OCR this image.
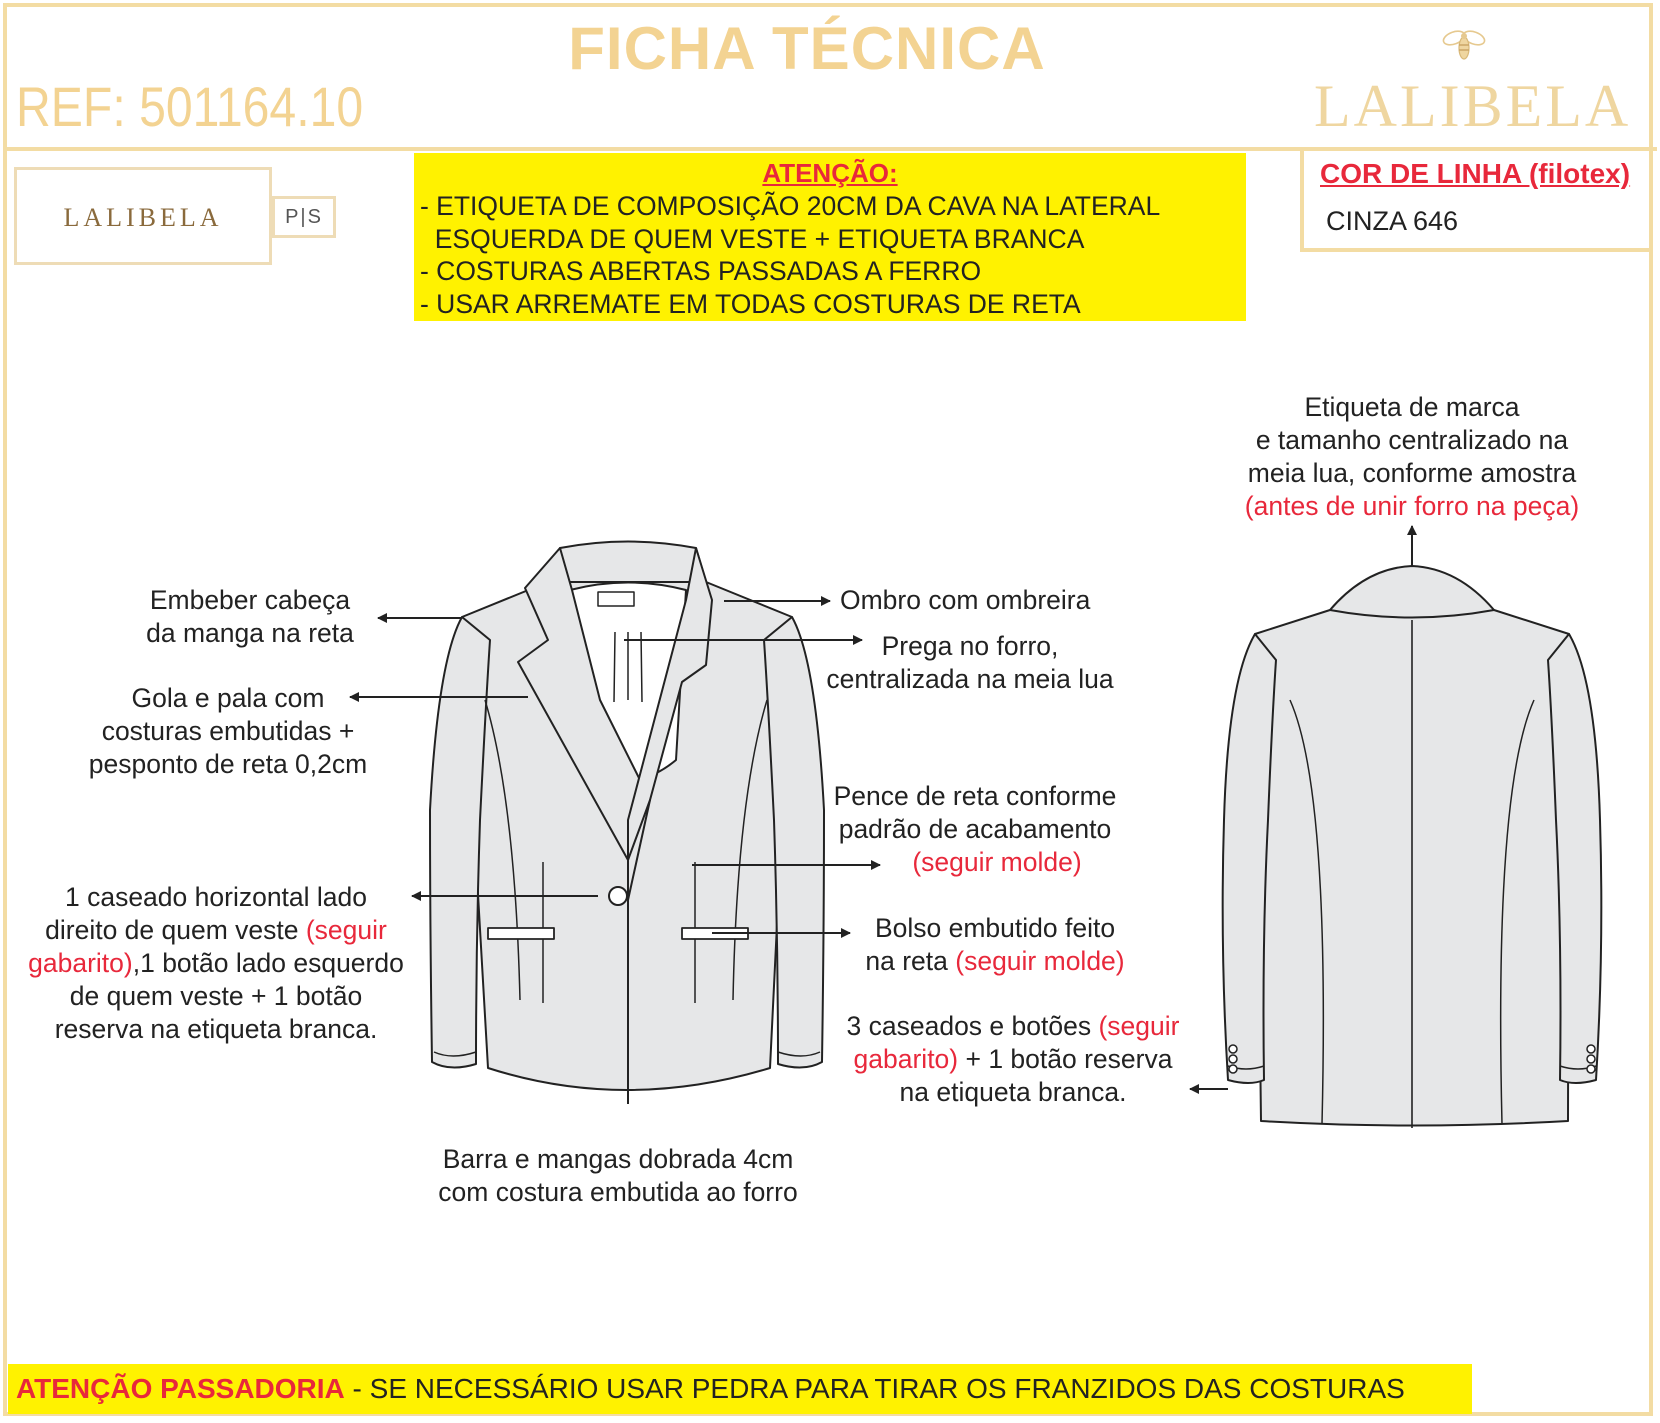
FICHA TÉCNICA
REF: 501164.10	LALIBELA
LALIBELA	P|S
ATENÇÃO:
- ETIQUETA DE COMPOSIÇÃO 20CM DA CAVA NA LATERAL
ESQUERDA DE QUEM VESTE + ETIQUETA BRANCA
- COSTURAS ABERTAS PASSADAS A FERRO
- USAR ARREMATE EM TODAS COSTURAS DE RETA
COR DE LINHA (filotex)
CINZA 646
Embeber cabeça
da manga na reta
Gola e pala com
costuras embutidas +
pesponto de reta 0,2cm
1 caseado horizontal lado
direito de quem veste (seguir
gabarito),1 botão lado esquerdo
de quem veste + 1 botão
reserva na etiqueta branca.
Ombro com ombreira
Prega no forro,
centralizada na meia lua
Pence de reta conforme
padrão de acabamento
(seguir molde)
Bolso embutido feito
na reta (seguir molde)
3 caseados e botões (seguir
gabarito) + 1 botão reserva
na etiqueta branca.
Barra e mangas dobrada 4cm
com costura embutida ao forro
Etiqueta de marca
e tamanho centralizado na
meia lua, conforme amostra
(antes de unir forro na peça)
ATENÇÃO PASSADORIA - SE NECESSÁRIO USAR PEDRA PARA TIRAR OS FRANZIDOS DAS COSTURAS
